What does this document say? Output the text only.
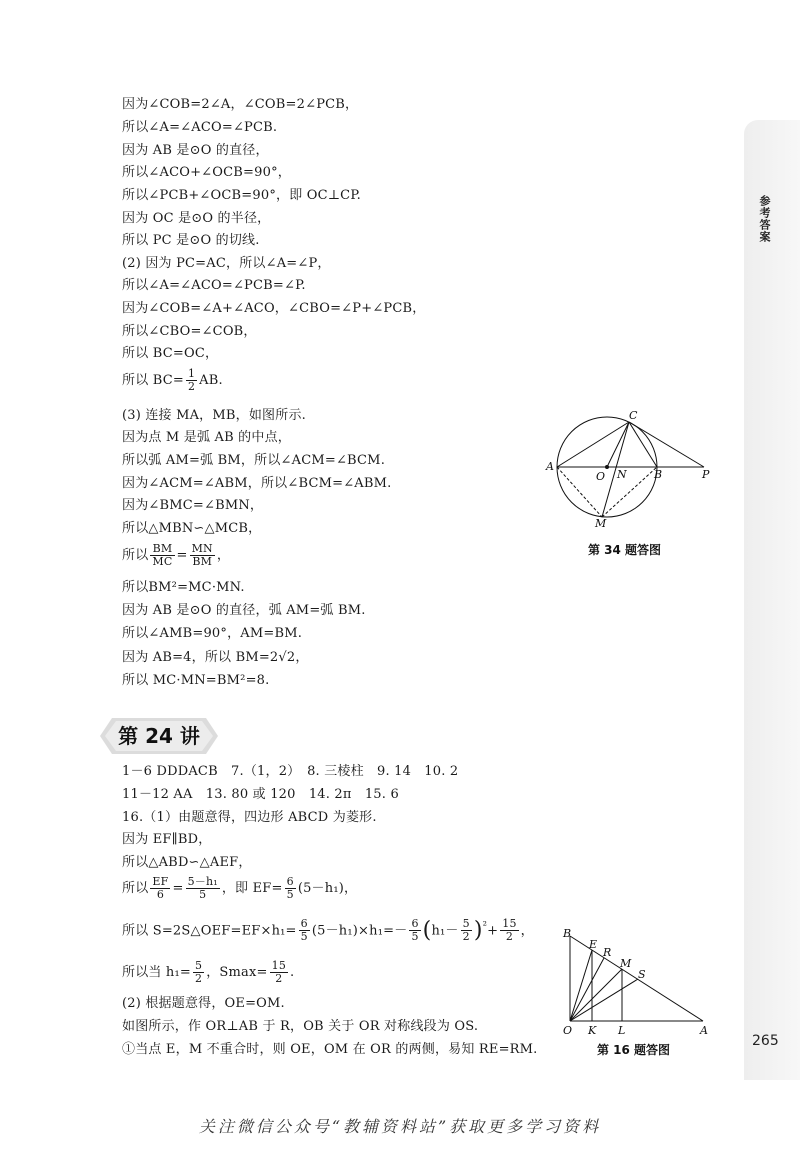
参考答案
265
因为∠COB=2∠A，∠COB=2∠PCB，
所以∠A=∠ACO=∠PCB.
因为 AB 是⊙O 的直径，
所以∠ACO+∠OCB=90°，
所以∠PCB+∠OCB=90°，即 OC⊥CP.
因为 OC 是⊙O 的半径，
所以 PC 是⊙O 的切线.
(2) 因为 PC=AC，所以∠A=∠P，
所以∠A=∠ACO=∠PCB=∠P.
因为∠COB=∠A+∠ACO，∠CBO=∠P+∠PCB，
所以∠CBO=∠COB，
所以 BC=OC，
所以 $BC= \frac{1}{2}$ AB.
(3) 连接 MA，MB，如图所示.
因为点 M 是弧 AB 的中点，
所以弧 AM=弧 BM，所以∠ACM=∠BCM.
因为∠ACM=∠ABM，所以∠BCM=∠ABM.
因为∠BMC=∠BMN，
所以△MBN∽△MCB，
所以 $\frac{BM}{MC} = \frac{MN}{BM}$ ，
所以BM²=MC·MN.
因为 AB 是⊙O 的直径，弧 AM=弧 BM.
所以∠AMB=90°，AM=BM.
因为 AB=4，所以 BM=2√2，
所以 MC·MN=BM²=8.
C
A
O N B	P
M
第 34 题答图
第 24 讲
1－6 DDDACB　7.（1，2）　8. 三棱柱　9. 14　10. 2
11－12 AA　13. 80 或 120　14. 2π　15. 6
16.（1）由题意得，四边形 ABCD 为菱形.
因为 EF∥BD，
所以△ABD∽△AEF，
所以 $\frac{EF}{6} = \frac{\text{5－h₁}}{5}$ ，即 $EF= \frac{6}{5} (5-h_1)$，
所以 S=2S△OEF=EF×h₁= $\frac{6}{5} (5-h_1)\times h_1=- \frac{6}{5} (h_1- \frac{5}{2} )^{^2}+ \frac{15}{2}$ ，
所以当 $h_1= \frac{5}{2}$ ，$Smax= \frac{15}{2}$ .
(2) 根据题意得，OE=OM.
如图所示，作 OR⊥AB 于 R，OB 关于 OR 对称线段为 OS.
①当点 E，M 不重合时，则 OE，OM 在 OR 的两侧，易知 RE=RM.
B
E
R
M
S
O K L	A
第 16 题答图
关注微信公众号“教辅资料站”获取更多学习资料
